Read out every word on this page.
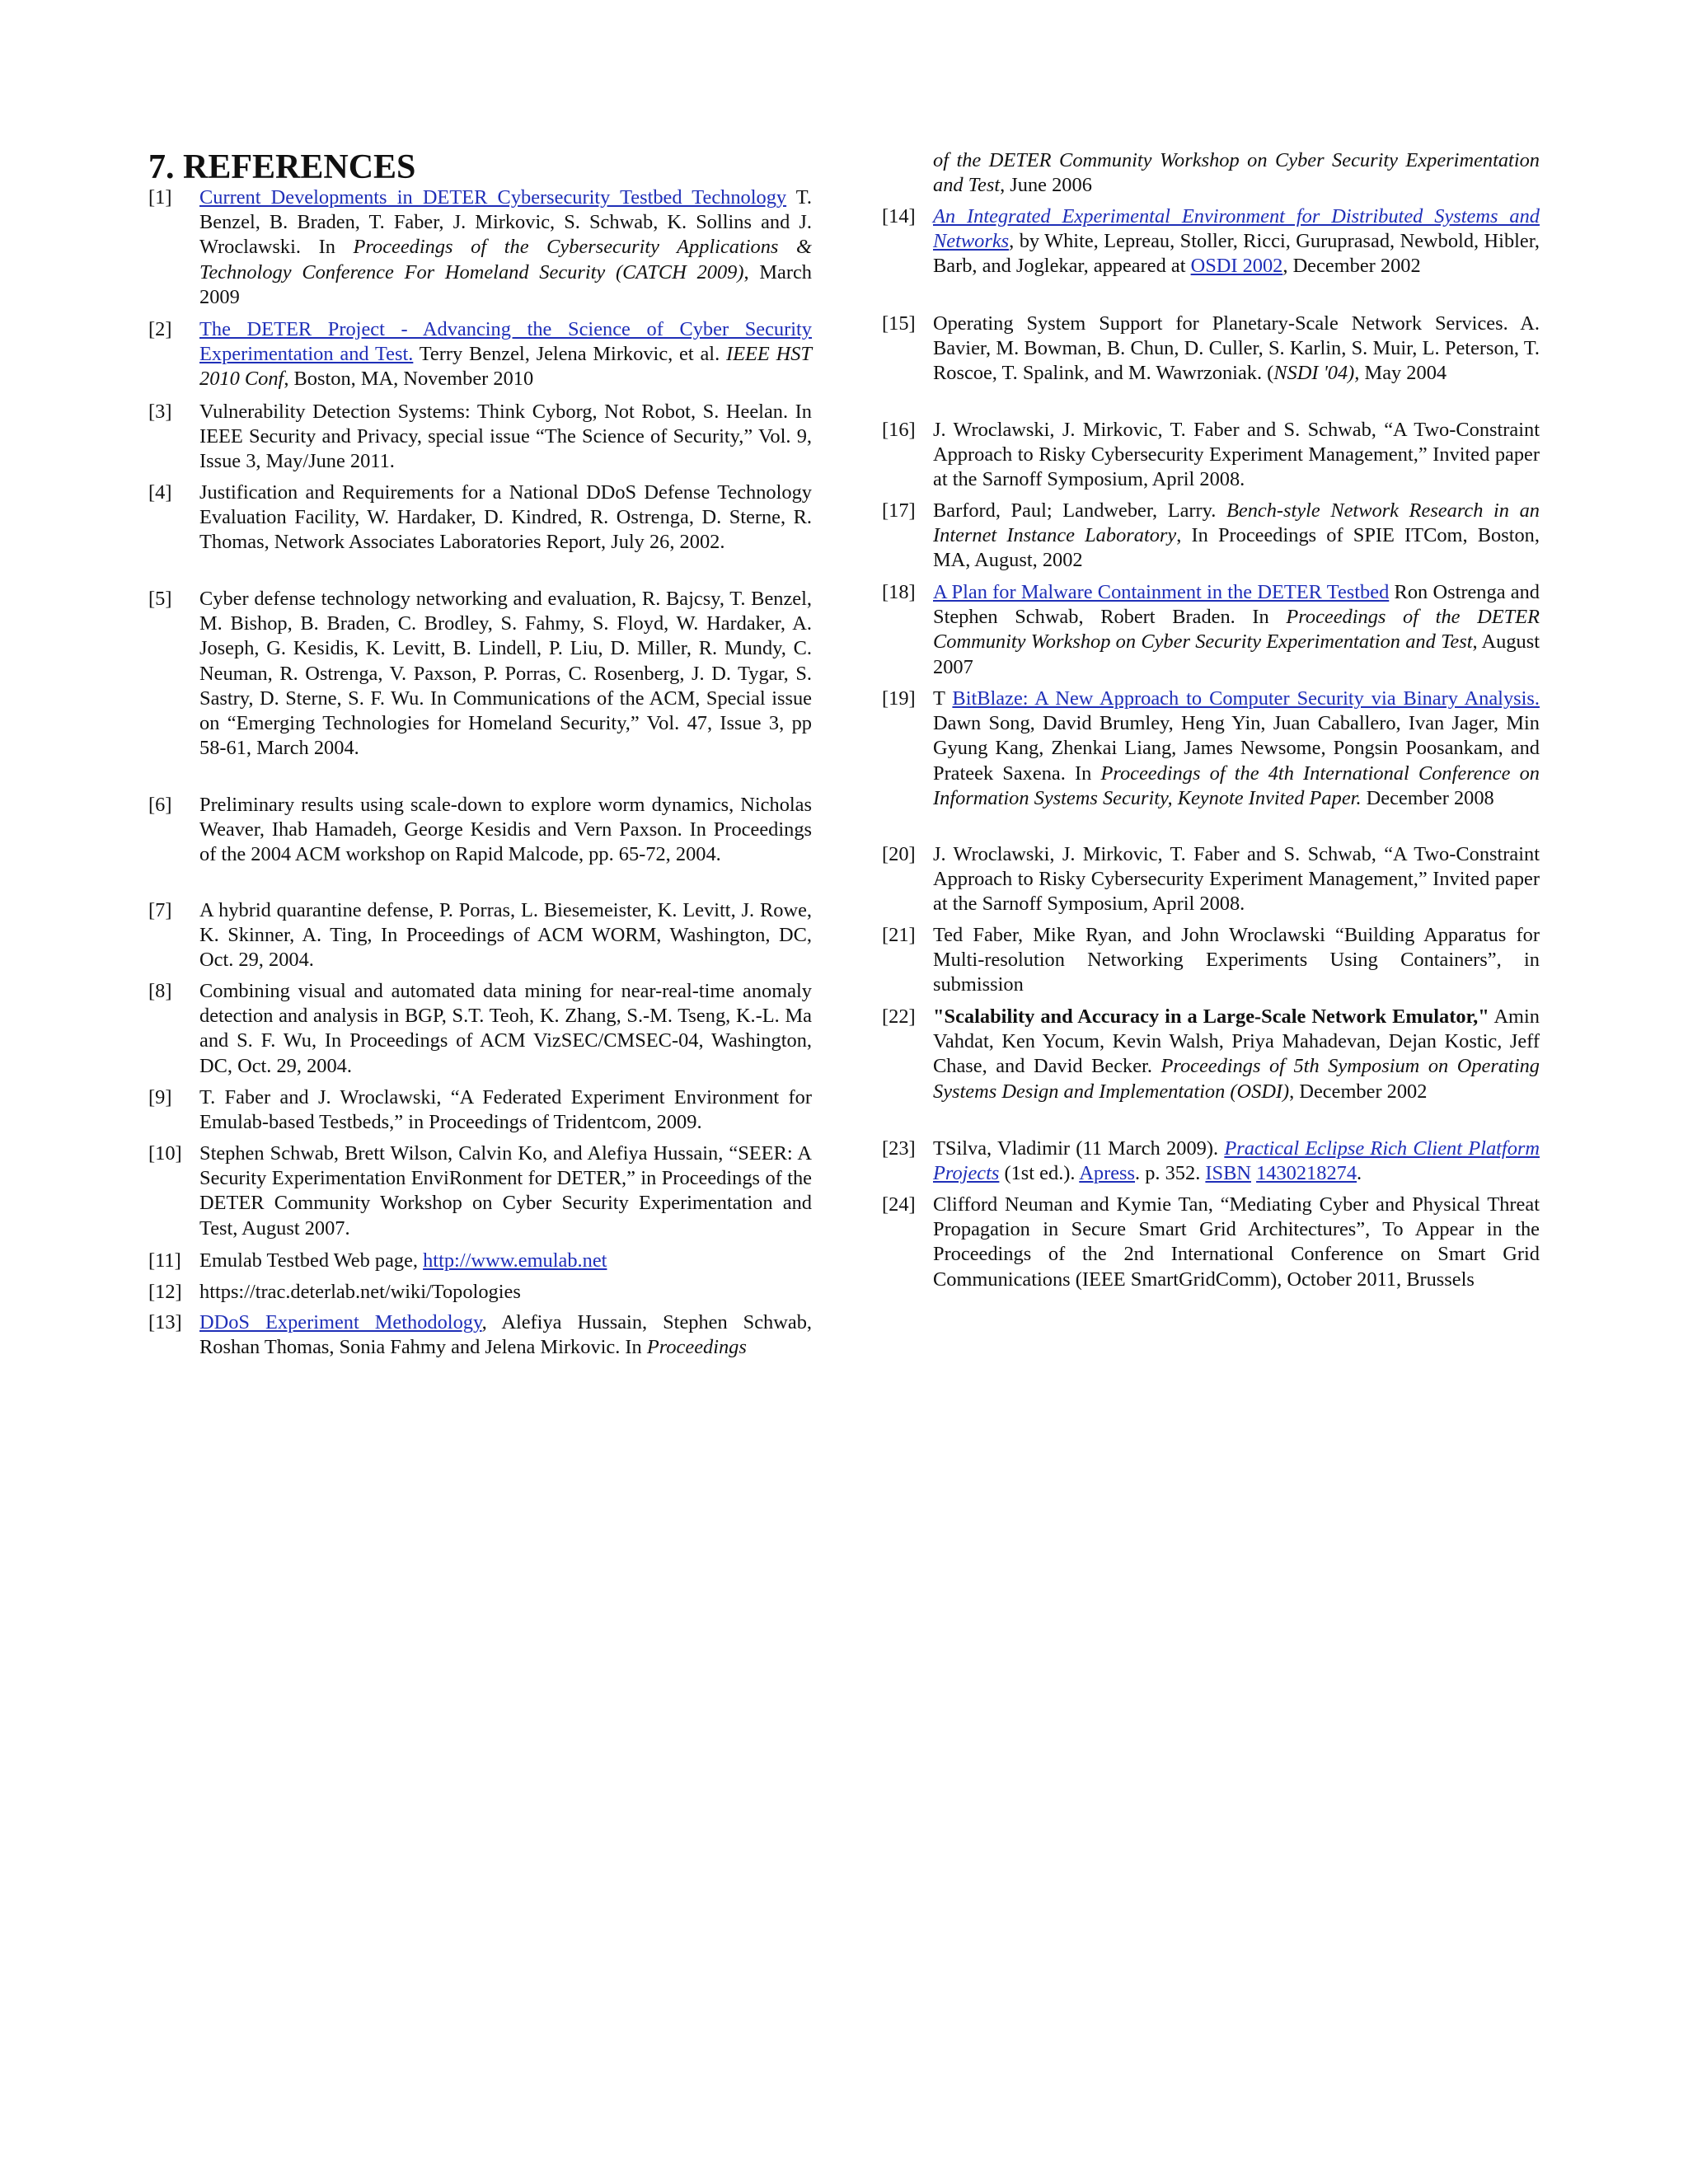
7. REFERENCES
[1] Current Developments in DETER Cybersecurity Testbed Technology T. Benzel, B. Braden, T. Faber, J. Mirkovic, S. Schwab, K. Sollins and J. Wroclawski. In Proceedings of the Cybersecurity Applications & Technology Conference For Homeland Security (CATCH 2009), March 2009
[2] The DETER Project - Advancing the Science of Cyber Security Experimentation and Test. Terry Benzel, Jelena Mirkovic, et al. IEEE HST 2010 Conf, Boston, MA, November 2010
[3] Vulnerability Detection Systems: Think Cyborg, Not Robot, S. Heelan. In IEEE Security and Privacy, special issue “The Science of Security,” Vol. 9, Issue 3, May/June 2011.
[4] Justification and Requirements for a National DDoS Defense Technology Evaluation Facility, W. Hardaker, D. Kindred, R. Ostrenga, D. Sterne, R. Thomas, Network Associates Laboratories Report, July 26, 2002.
[5] Cyber defense technology networking and evaluation, R. Bajcsy, T. Benzel, M. Bishop, B. Braden, C. Brodley, S. Fahmy, S. Floyd, W. Hardaker, A. Joseph, G. Kesidis, K. Levitt, B. Lindell, P. Liu, D. Miller, R. Mundy, C. Neuman, R. Ostrenga, V. Paxson, P. Porras, C. Rosenberg, J. D. Tygar, S. Sastry, D. Sterne, S. F. Wu. In Communications of the ACM, Special issue on “Emerging Technologies for Homeland Security,” Vol. 47, Issue 3, pp 58-61, March 2004.
[6] Preliminary results using scale-down to explore worm dynamics, Nicholas Weaver, Ihab Hamadeh, George Kesidis and Vern Paxson. In Proceedings of the 2004 ACM workshop on Rapid Malcode, pp. 65-72, 2004.
[7] A hybrid quarantine defense, P. Porras, L. Biesemeister, K. Levitt, J. Rowe, K. Skinner, A. Ting, In Proceedings of ACM WORM, Washington, DC, Oct. 29, 2004.
[8] Combining visual and automated data mining for near-real-time anomaly detection and analysis in BGP, S.T. Teoh, K. Zhang, S.-M. Tseng, K.-L. Ma and S. F. Wu, In Proceedings of ACM VizSEC/CMSEC-04, Washington, DC, Oct. 29, 2004.
[9] T. Faber and J. Wroclawski, “A Federated Experiment Environment for Emulab-based Testbeds,” in Proceedings of Tridentcom, 2009.
[10] Stephen Schwab, Brett Wilson, Calvin Ko, and Alefiya Hussain, “SEER: A Security Experimentation EnviRonment for DETER,” in Proceedings of the DETER Community Workshop on Cyber Security Experimentation and Test, August 2007.
[11] Emulab Testbed Web page, http://www.emulab.net
[12] https://trac.deterlab.net/wiki/Topologies
[13] DDoS Experiment Methodology, Alefiya Hussain, Stephen Schwab, Roshan Thomas, Sonia Fahmy and Jelena Mirkovic. In Proceedings
of the DETER Community Workshop on Cyber Security Experimentation and Test, June 2006
[14] An Integrated Experimental Environment for Distributed Systems and Networks, by White, Lepreau, Stoller, Ricci, Guruprasad, Newbold, Hibler, Barb, and Joglekar, appeared at OSDI 2002, December 2002
[15] Operating System Support for Planetary-Scale Network Services. A. Bavier, M. Bowman, B. Chun, D. Culler, S. Karlin, S. Muir, L. Peterson, T. Roscoe, T. Spalink, and M. Wawrzoniak. (NSDI '04), May 2004
[16] J. Wroclawski, J. Mirkovic, T. Faber and S. Schwab, “A Two-Constraint Approach to Risky Cybersecurity Experiment Management,” Invited paper at the Sarnoff Symposium, April 2008.
[17] Barford, Paul; Landweber, Larry. Bench-style Network Research in an Internet Instance Laboratory, In Proceedings of SPIE ITCom, Boston, MA, August, 2002
[18] A Plan for Malware Containment in the DETER Testbed Ron Ostrenga and Stephen Schwab, Robert Braden. In Proceedings of the DETER Community Workshop on Cyber Security Experimentation and Test, August 2007
[19] T BitBlaze: A New Approach to Computer Security via Binary Analysis. Dawn Song, David Brumley, Heng Yin, Juan Caballero, Ivan Jager, Min Gyung Kang, Zhenkai Liang, James Newsome, Pongsin Poosankam, and Prateek Saxena. In Proceedings of the 4th International Conference on Information Systems Security, Keynote Invited Paper. December 2008
[20] J. Wroclawski, J. Mirkovic, T. Faber and S. Schwab, “A Two-Constraint Approach to Risky Cybersecurity Experiment Management,” Invited paper at the Sarnoff Symposium, April 2008.
[21] Ted Faber, Mike Ryan, and John Wroclawski “Building Apparatus for Multi-resolution Networking Experiments Using Containers”, in submission
[22] "Scalability and Accuracy in a Large-Scale Network Emulator," Amin Vahdat, Ken Yocum, Kevin Walsh, Priya Mahadevan, Dejan Kostic, Jeff Chase, and David Becker. Proceedings of 5th Symposium on Operating Systems Design and Implementation (OSDI), December 2002
[23] TSilva, Vladimir (11 March 2009). Practical Eclipse Rich Client Platform Projects (1st ed.). Apress. p. 352. ISBN 1430218274.
[24] Clifford Neuman and Kymie Tan, “Mediating Cyber and Physical Threat Propagation in Secure Smart Grid Architectures”, To Appear in the Proceedings of the 2nd International Conference on Smart Grid Communications (IEEE SmartGridComm), October 2011, Brussels
